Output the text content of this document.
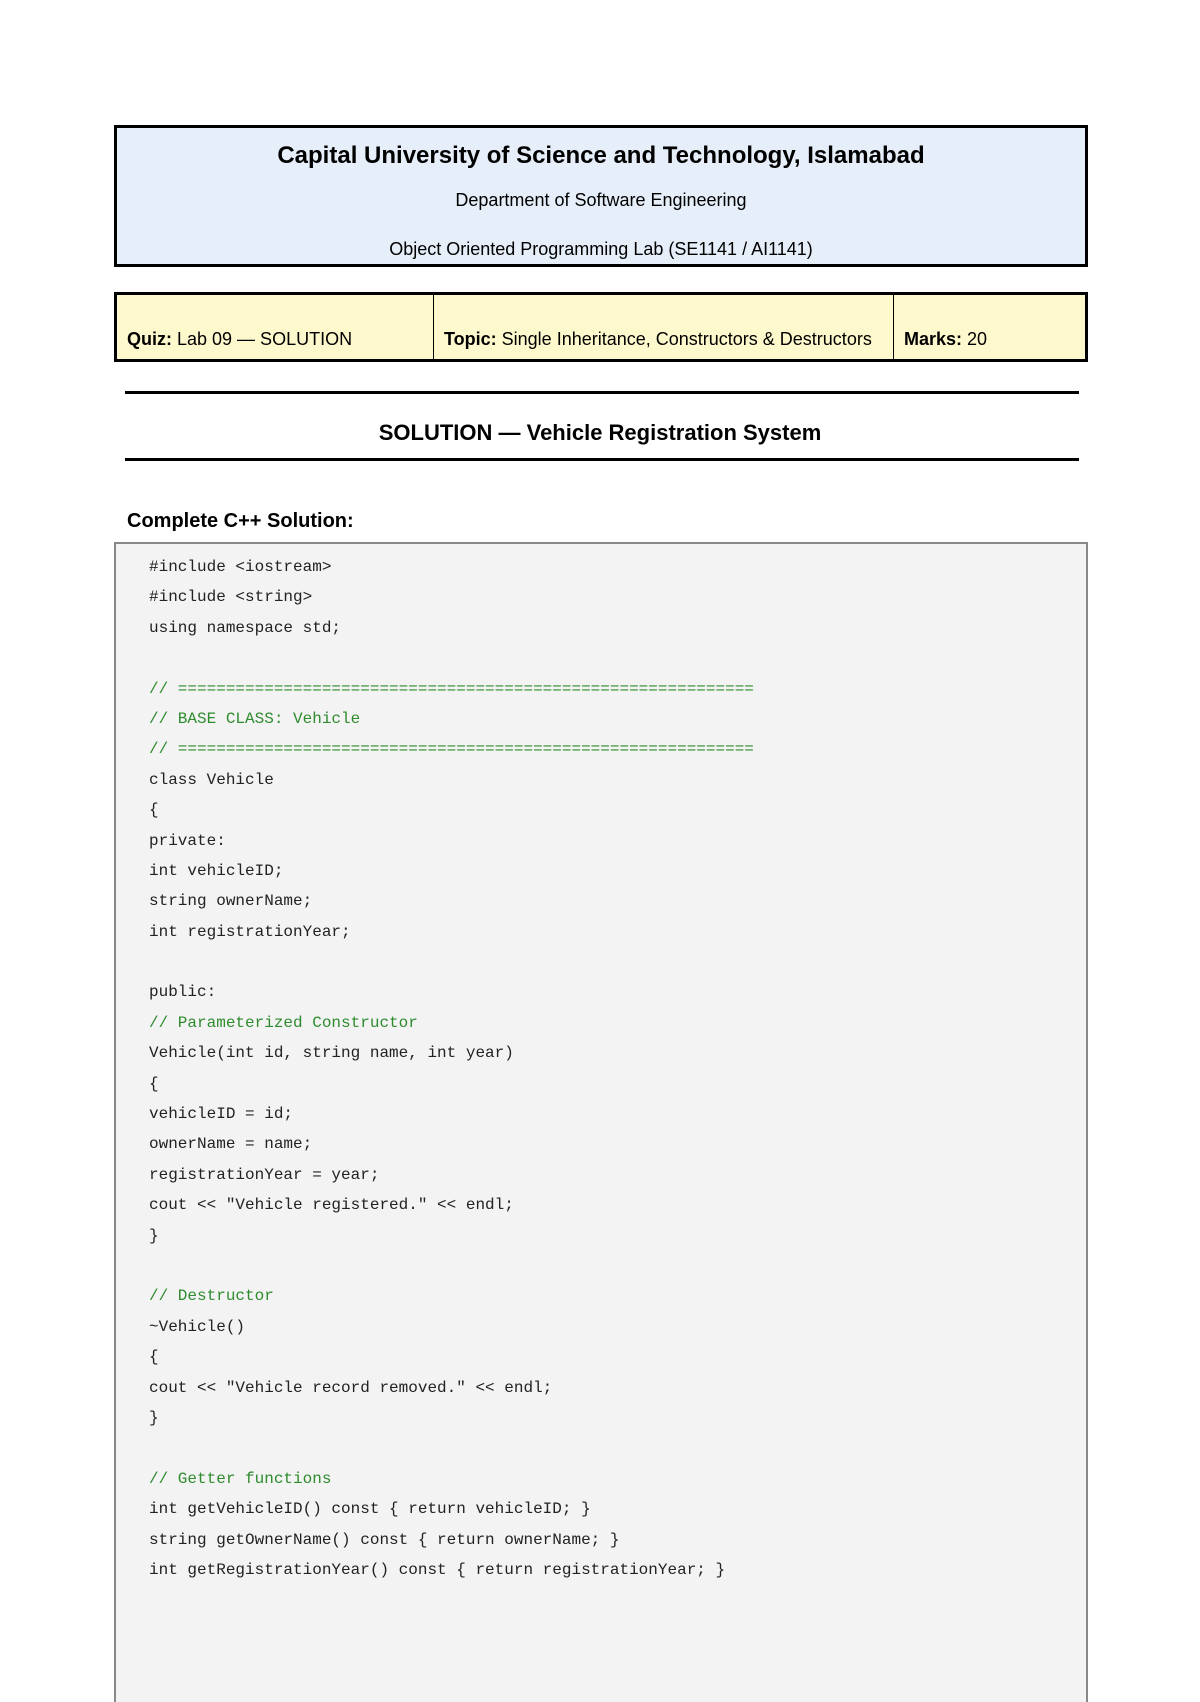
Capital University of Science and Technology, Islamabad
Department of Software Engineering
Object Oriented Programming Lab (SE1141 / AI1141)
Quiz: Lab 09 — SOLUTION	Topic: Single Inheritance, Constructors & Destructors Marks: 20
SOLUTION — Vehicle Registration System
Complete C++ Solution:
#include <iostream>
#include <string>
using namespace std;
// ============================================================
// BASE CLASS: Vehicle
// ============================================================
class Vehicle
{
private:
int vehicleID;
string ownerName;
int registrationYear;
public:
// Parameterized Constructor
Vehicle(int id, string name, int year)
{
vehicleID = id;
ownerName = name;
registrationYear = year;
cout << "Vehicle registered." << endl;
}
// Destructor
~Vehicle()
{
cout << "Vehicle record removed." << endl;
}
// Getter functions
int getVehicleID() const { return vehicleID; }
string getOwnerName() const { return ownerName; }
int getRegistrationYear() const { return registrationYear; }
